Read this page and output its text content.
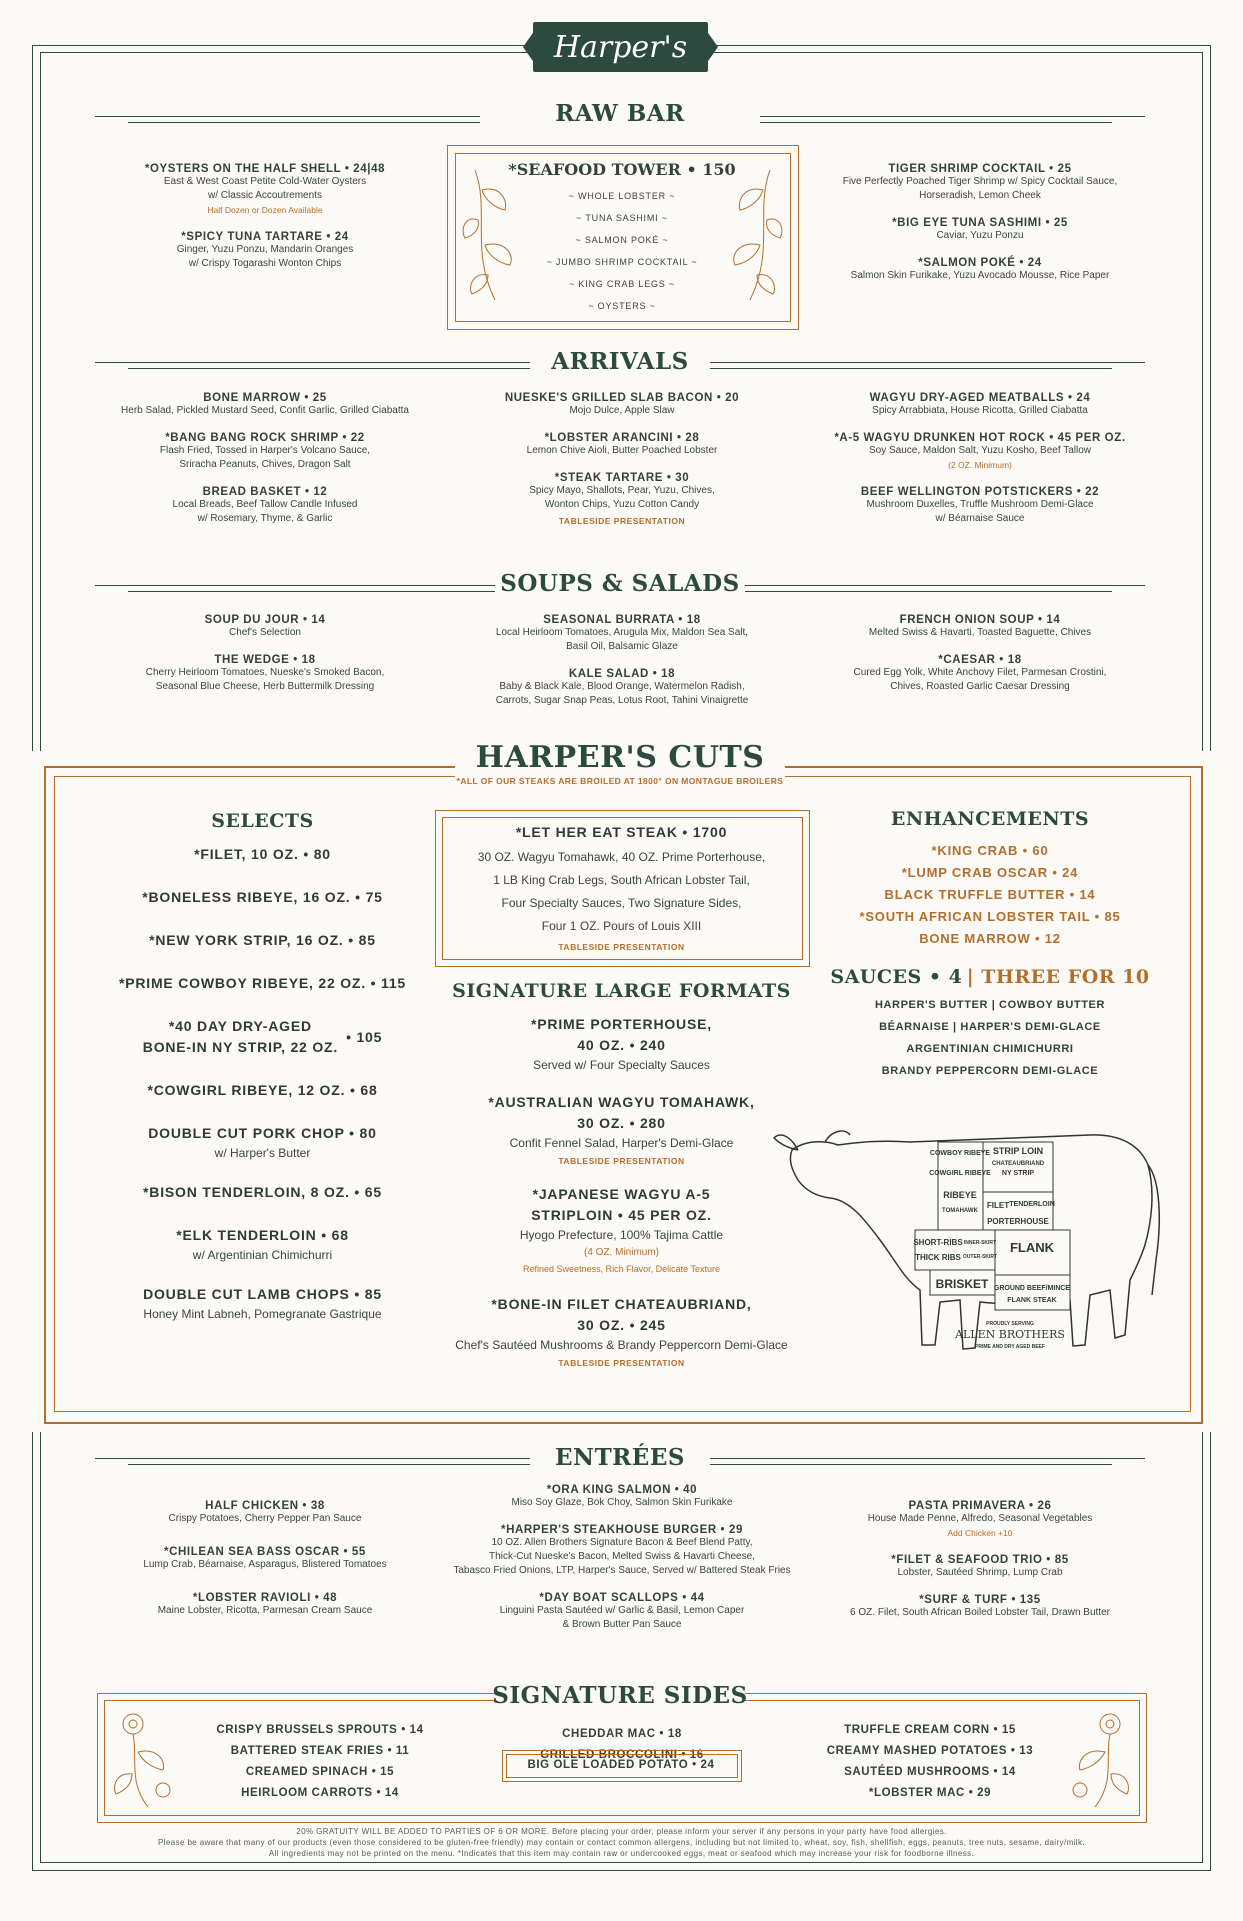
Harper's
RAW BAR
*OYSTERS ON THE HALF SHELL • 24|48
East & West Coast Petite Cold-Water Oysters
w/ Classic Accoutrements
Half Dozen or Dozen Available
*SPICY TUNA TARTARE • 24
Ginger, Yuzu Ponzu, Mandarin Oranges
w/ Crispy Togarashi Wonton Chips
*SEAFOOD TOWER • 150
~ WHOLE LOBSTER ~
~ TUNA SASHIMI ~
~ SALMON POKÉ ~
~ JUMBO SHRIMP COCKTAIL ~
~ KING CRAB LEGS ~
~ OYSTERS ~
TIGER SHRIMP COCKTAIL • 25
Five Perfectly Poached Tiger Shrimp w/ Spicy Cocktail Sauce,
Horseradish, Lemon Cheek
*BIG EYE TUNA SASHIMI • 25
Caviar, Yuzu Ponzu
*SALMON POKÉ • 24
Salmon Skin Furikake, Yuzu Avocado Mousse, Rice Paper
ARRIVALS
BONE MARROW • 25
Herb Salad, Pickled Mustard Seed, Confit Garlic, Grilled Ciabatta
*BANG BANG ROCK SHRIMP • 22
Flash Fried, Tossed in Harper's Volcano Sauce,
Sriracha Peanuts, Chives, Dragon Salt
BREAD BASKET • 12
Local Breads, Beef Tallow Candle Infused
w/ Rosemary, Thyme, & Garlic
NUESKE'S GRILLED SLAB BACON • 20
Mojo Dulce, Apple Slaw
*LOBSTER ARANCINI • 28
Lemon Chive Aioli, Butter Poached Lobster
*STEAK TARTARE • 30
Spicy Mayo, Shallots, Pear, Yuzu, Chives,
Wonton Chips, Yuzu Cotton Candy
TABLESIDE PRESENTATION
WAGYU DRY-AGED MEATBALLS • 24
Spicy Arrabbiata, House Ricotta, Grilled Ciabatta
*A-5 WAGYU DRUNKEN HOT ROCK • 45 PER OZ.
Soy Sauce, Maldon Salt, Yuzu Kosho, Beef Tallow
(2 OZ. Minimum)
BEEF WELLINGTON POTSTICKERS • 22
Mushroom Duxelles, Truffle Mushroom Demi-Glace
w/ Béarnaise Sauce
SOUPS & SALADS
SOUP DU JOUR • 14
Chef's Selection
THE WEDGE • 18
Cherry Heirloom Tomatoes, Nueske's Smoked Bacon,
Seasonal Blue Cheese, Herb Buttermilk Dressing
SEASONAL BURRATA • 18
Local Heirloom Tomatoes, Arugula Mix, Maldon Sea Salt,
Basil Oil, Balsamic Glaze
KALE SALAD • 18
Baby & Black Kale, Blood Orange, Watermelon Radish,
Carrots, Sugar Snap Peas, Lotus Root, Tahini Vinaigrette
FRENCH ONION SOUP • 14
Melted Swiss & Havarti, Toasted Baguette, Chives
*CAESAR • 18
Cured Egg Yolk, White Anchovy Filet, Parmesan Crostini,
Chives, Roasted Garlic Caesar Dressing
HARPER'S CUTS
*ALL OF OUR STEAKS ARE BROILED AT 1800° ON MONTAGUE BROILERS
SELECTS
*FILET, 10 OZ. • 80
*BONELESS RIBEYE, 16 OZ. • 75
*NEW YORK STRIP, 16 OZ. • 85
*PRIME COWBOY RIBEYE, 22 OZ. • 115
*40 DAY DRY-AGED
BONE-IN NY STRIP, 22 OZ.
• 105
*COWGIRL RIBEYE, 12 OZ. • 68
DOUBLE CUT PORK CHOP • 80
w/ Harper's Butter
*BISON TENDERLOIN, 8 OZ. • 65
*ELK TENDERLOIN • 68
w/ Argentinian Chimichurri
DOUBLE CUT LAMB CHOPS • 85
Honey Mint Labneh, Pomegranate Gastrique
*LET HER EAT STEAK • 1700
30 OZ. Wagyu Tomahawk, 40 OZ. Prime Porterhouse,
1 LB King Crab Legs, South African Lobster Tail,
Four Specialty Sauces, Two Signature Sides,
Four 1 OZ. Pours of Louis XIII
TABLESIDE PRESENTATION
SIGNATURE LARGE FORMATS
*PRIME PORTERHOUSE,
40 OZ. • 240
Served w/ Four Specialty Sauces
*AUSTRALIAN WAGYU TOMAHAWK,
30 OZ. • 280
Confit Fennel Salad, Harper's Demi-Glace
TABLESIDE PRESENTATION
*JAPANESE WAGYU A-5
STRIPLOIN • 45 PER OZ.
Hyogo Prefecture, 100% Tajima Cattle
(4 OZ. Minimum)
Refined Sweetness, Rich Flavor, Delicate Texture
*BONE-IN FILET CHATEAUBRIAND,
30 OZ. • 245
Chef's Sautéed Mushrooms & Brandy Peppercorn Demi-Glace
TABLESIDE PRESENTATION
ENHANCEMENTS
*KING CRAB • 60
*LUMP CRAB OSCAR • 24
BLACK TRUFFLE BUTTER • 14
*SOUTH AFRICAN LOBSTER TAIL • 85
BONE MARROW • 12
SAUCES • 4 | THREE FOR 10
HARPER'S BUTTER | COWBOY BUTTER
BÉARNAISE | HARPER'S DEMI-GLACE
ARGENTINIAN CHIMICHURRI
BRANDY PEPPERCORN DEMI-GLACE
COWBOY RIBEYE
COWGIRL RIBEYE
RIBEYE
TOMAHAWK
STRIP LOIN
CHATEAUBRIAND
NY STRIP
FILET TENDERLOIN
PORTERHOUSE
SHORT-RIBS
THICK RIBS
INNER-SKIRT
OUTER-SKIRT
FLANK
BRISKET GROUND BEEF/MINCE
FLANK STEAK
PROUDLY SERVING
ALLEN BROTHERS
PRIME AND DRY AGED BEEF
ENTRÉES
HALF CHICKEN • 38
Crispy Potatoes, Cherry Pepper Pan Sauce
*CHILEAN SEA BASS OSCAR • 55
Lump Crab, Béarnaise, Asparagus, Blistered Tomatoes
*LOBSTER RAVIOLI • 48
Maine Lobster, Ricotta, Parmesan Cream Sauce
*ORA KING SALMON • 40
Miso Soy Glaze, Bok Choy, Salmon Skin Furikake
*HARPER'S STEAKHOUSE BURGER • 29
10 OZ. Allen Brothers Signature Bacon & Beef Blend Patty,
Thick-Cut Nueske's Bacon, Melted Swiss & Havarti Cheese,
Tabasco Fried Onions, LTP, Harper's Sauce, Served w/ Battered Steak Fries
*DAY BOAT SCALLOPS • 44
Linguini Pasta Sautéed w/ Garlic & Basil, Lemon Caper
& Brown Butter Pan Sauce
PASTA PRIMAVERA • 26
House Made Penne, Alfredo, Seasonal Vegetables
Add Chicken +10
*FILET & SEAFOOD TRIO • 85
Lobster, Sautéed Shrimp, Lump Crab
*SURF & TURF • 135
6 OZ. Filet, South African Boiled Lobster Tail, Drawn Butter
SIGNATURE SIDES
CRISPY BRUSSELS SPROUTS • 14
BATTERED STEAK FRIES • 11
CREAMED SPINACH • 15
HEIRLOOM CARROTS • 14
CHEDDAR MAC • 18
GRILLED BROCCOLINI • 16
BIG OLE LOADED POTATO • 24
TRUFFLE CREAM CORN • 15
CREAMY MASHED POTATOES • 13
SAUTÉED MUSHROOMS • 14
*LOBSTER MAC • 29
20% GRATUITY WILL BE ADDED TO PARTIES OF 6 OR MORE. Before placing your order, please inform your server if any persons in your party have food allergies.
Please be aware that many of our products (even those considered to be gluten-free friendly) may contain or contact common allergens, including but not limited to, wheat, soy, fish, shellfish, eggs, peanuts, tree nuts, sesame, dairy/milk.
All ingredients may not be printed on the menu. *Indicates that this item may contain raw or undercooked eggs, meat or seafood which may increase your risk for foodborne illness.
